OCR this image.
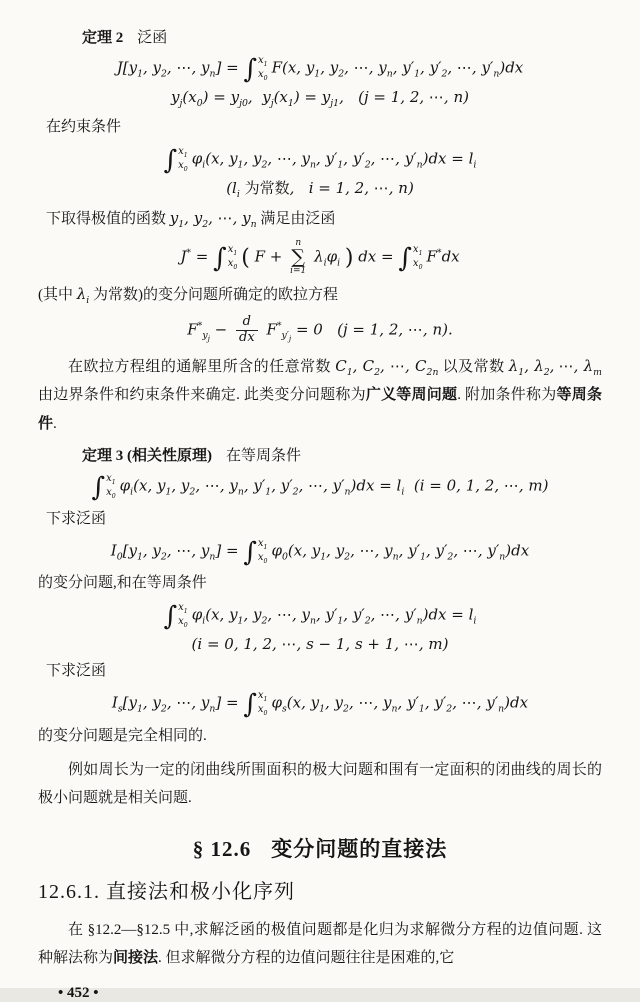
定理 2 泛函
$J[y_1$, $y_2$, ⋯, $y_n$] = ∫ $x_1$
$x_0$
F(x, $y_1$, $y_2$, ⋯, $y_n$, $y'_1$, $y'_2$, ⋯, $y'_n)dx$
$y_j(x_0) = y_{j0}$,  $y_j(x_1) = y_{j1}$,   (j = 1, 2, ⋯, n)
在约束条件
∫ $x_1$
$x_0$
$\varphi_i(x$, $y_1$, $y_2$, ⋯, $y_n$, $y'_1$, $y'_2$, ⋯, $y'_n)dx = l_i$
($l_i$ 为常数,   i = 1, 2, ⋯, n)
下取得极值的函数 $y_1$, $y_2$, ⋯, $y_n$ 满足由泛函
J* = ∫ $x_1$
$x_0$ ( F +
n
∑
i=1
$\lambda_i\varphi_i$ ) dx = ∫ $x_1$
$x_0$
F*dx
(其中 $\lambda_i$ 为常数)的变分问题所确定的欧拉方程
$F^*_{y_j} - \frac{d}{dx} F^*_{y'_j} = 0$   (j = 1, 2, ⋯, n).

在欧拉方程组的通解里所含的任意常数 $C_1$, $C_2$, ⋯, $C_{2n}$ 以及常数 $\lambda_1$, $\lambda_2$, ⋯, $\lambda_m$ 由边界条件和约束条件来确定. 此类变分问题称为广义等周问题. 附加条件称为等周条件.

定理 3 (相关性原理) 在等周条件
∫ $x_1$
$x_0$
$\varphi_i(x$, $y_1$, $y_2$, ⋯, $y_n$, $y'_1$, $y'_2$, ⋯, $y'_n)dx = l_i$  (i = 0, 1, 2, ⋯, m)
下求泛函
$I_0[y_1$, $y_2$, ⋯, $y_n$] = ∫ $x_1$
$x_0$
$\varphi_0(x$, $y_1$, $y_2$, ⋯, $y_n$, $y'_1$, $y'_2$, ⋯, $y'_n)dx$
的变分问题,和在等周条件
∫ $x_1$
$x_0$
$\varphi_i(x$, $y_1$, $y_2$, ⋯, $y_n$, $y'_1$, $y'_2$, ⋯, $y'_n)dx = l_i$
(i = 0, 1, 2, ⋯, s − 1, s + 1, ⋯, m)
下求泛函
$I_s[y_1$, $y_2$, ⋯, $y_n$] = ∫ $x_1$
$x_0$
$\varphi_s(x$, $y_1$, $y_2$, ⋯, $y_n$, $y'_1$, $y'_2$, ⋯, $y'_n)dx$
的变分问题是完全相同的.

例如周长为一定的闭曲线所围面积的极大问题和围有一定面积的闭曲线的周长的极小问题就是相关问题.

§ 12.6 变分问题的直接法
12.6.1. 直接法和极小化序列

在 §12.2—§12.5 中,求解泛函的极值问题都是化归为求解微分方程的边值问题. 这种解法称为间接法. 但求解微分方程的边值问题往往是困难的,它

• 452 •
